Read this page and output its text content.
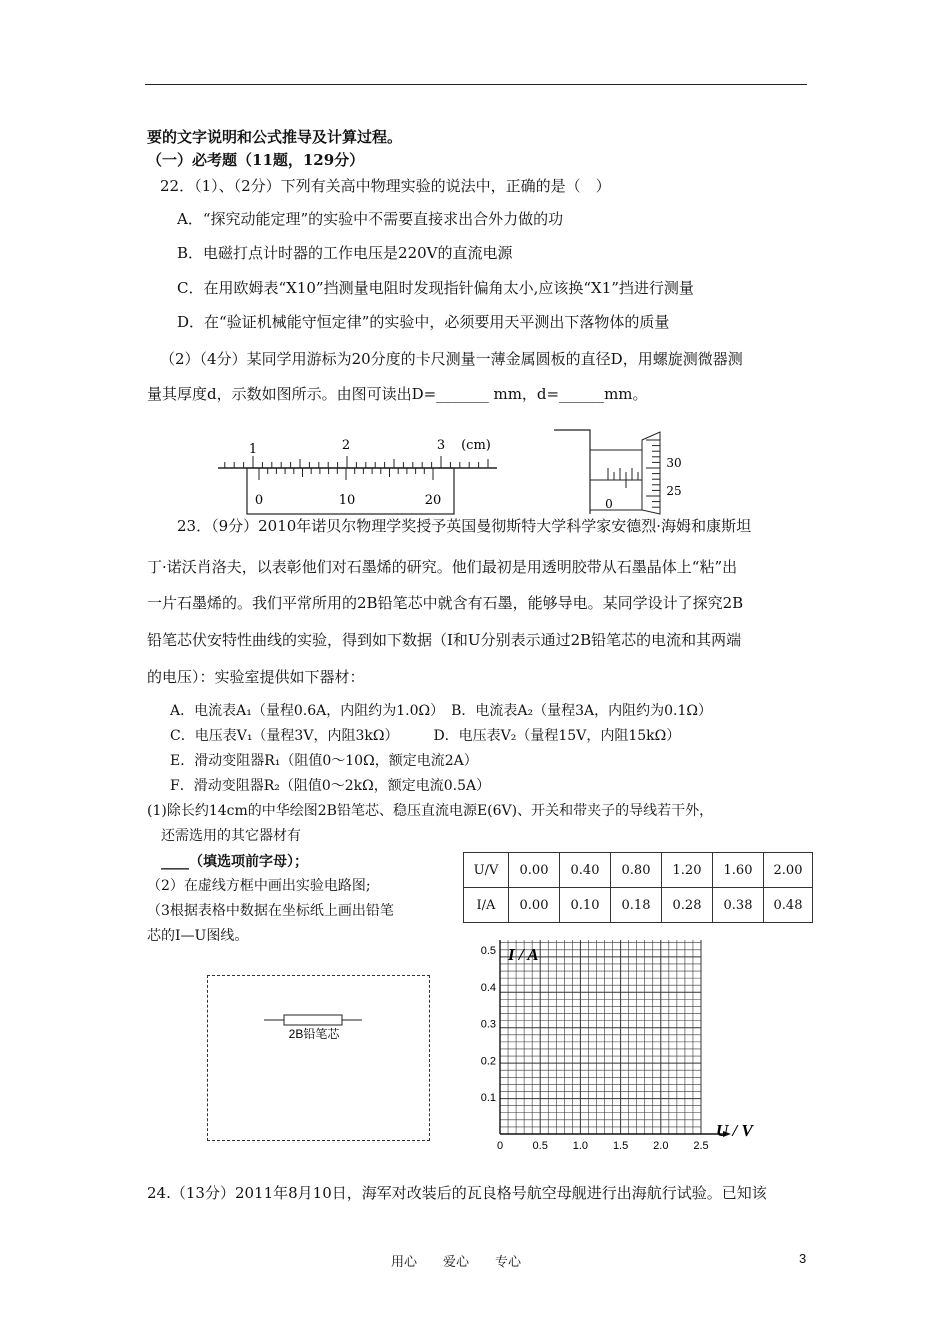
要的文字说明和公式推导及计算过程。
（一）必考题（11题，129分）
22．（1）、（2分）下列有关高中物理实验的说法中，正确的是（　）
A．“探究动能定理”的实验中不需要直接求出合外力做的功
B．电磁打点计时器的工作电压是220V的直流电源
C．在用欧姆表“X10”挡测量电阻时发现指针偏角太小,应该换“X1”挡进行测量
D．在“验证机械能守恒定律”的实验中，必须要用天平测出下落物体的质量
（2）（4分）某同学用游标为20分度的卡尺测量一薄金属圆板的直径D，用螺旋测微器测
量其厚度d，示数如图所示。由图可读出D=_______ mm，d=______mm。
1	2	3 (cm)
0	10	20	0
30
25
23．（9分）2010年诺贝尔物理学奖授予英国曼彻斯特大学科学家安德烈·海姆和康斯坦
丁·诺沃肖洛夫，以表彰他们对石墨烯的研究。他们最初是用透明胶带从石墨晶体上“粘”出
一片石墨烯的。我们平常所用的2B铅笔芯中就含有石墨，能够导电。某同学设计了探究2B
铅笔芯伏安特性曲线的实验，得到如下数据（I和U分别表示通过2B铅笔芯的电流和其两端
的电压）：实验室提供如下器材：
A．电流表A₁（量程0.6A，内阻约为1.0Ω）　B．电流表A₂（量程3A，内阻约为0.1Ω）
C．电压表V₁（量程3V，内阻3kΩ）　　　D．电压表V₂（量程15V，内阻15kΩ）
E．滑动变阻器R₁（阻值0～10Ω，额定电流2A）
F．滑动变阻器R₂（阻值0～2kΩ，额定电流0.5A）
(1)除长约14cm的中华绘图2B铅笔芯、稳压直流电源E(6V)、开关和带夹子的导线若干外，
还需选用的其它器材有
____（填选项前字母）；
（2）在虚线方框中画出实验电路图;
（3根据表格中数据在坐标纸上画出铅笔
芯的I—U图线。
U/V	0.00	0.40	0.80	1.20	1.60	2.00
I/A	0.00	0.10	0.18	0.28	0.38	0.48
2B铅笔芯
0	0.5 1.0 1.5 2.0 2.5
0.1
0.2
0.3
0.4
0.5 I / A
U / V
24.（13分）2011年8月10日，海军对改装后的瓦良格号航空母舰进行出海航行试验。已知该
用心　　爱心　　专心	3
